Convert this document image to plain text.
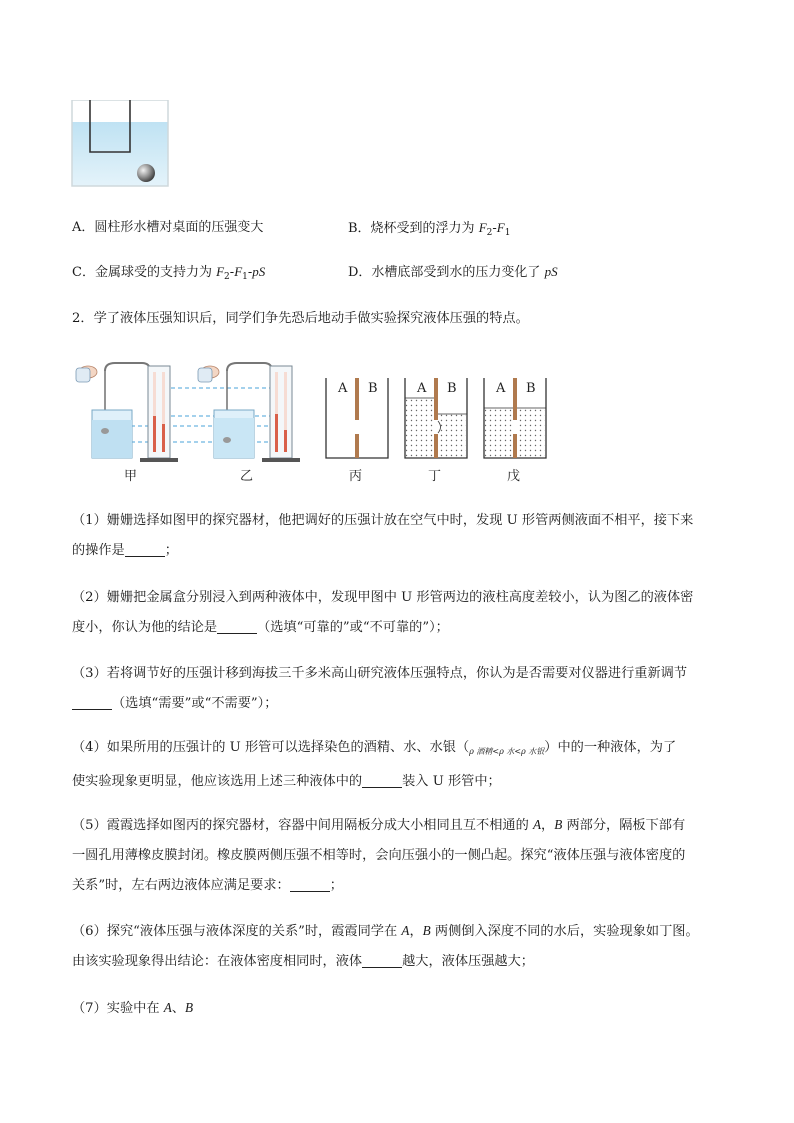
A．圆柱形水槽对桌面的压强变大	B．烧杯受到的浮力为 $F_2-F_1$
C．金属球受的支持力为 $F_2-F_1-pS$	D．水槽底部受到水的压力变化了 pS
2．学了液体压强知识后，同学们争先恐后地动手做实验探究液体压强的特点。
甲	乙
A B
丙
A B
丁
A B
戊
（1）姗姗选择如图甲的探究器材，他把调好的压强计放在空气中时，发现 U 形管两侧液面不相平，接下来
的操作是	；
（2）姗姗把金属盒分别浸入到两种液体中，发现甲图中 U 形管两边的液柱高度差较小，认为图乙的液体密
度小，你认为他的结论是	（选填“可靠的”或“不可靠的”）；
（3）若将调节好的压强计移到海拔三千多米高山研究液体压强特点，你认为是否需要对仪器进行重新调节
（选填“需要”或“不需要”）；
（4）如果所用的压强计的 U 形管可以选择染色的酒精、水、水银$(_{\rho 酒精<\rho 水<\rho 水银})$中的一种液体，为了
使实验现象更明显，他应该选用上述三种液体中的	装入 U 形管中；
（5）霞霞选择如图丙的探究器材，容器中间用隔板分成大小相同且互不相通的 A，B 两部分，隔板下部有
一圆孔用薄橡皮膜封闭。橡皮膜两侧压强不相等时，会向压强小的一侧凸起。探究“液体压强与液体密度的
关系”时，左右两边液体应满足要求：	；
（6）探究“液体压强与液体深度的关系”时，霞霞同学在 A，B 两侧倒入深度不同的水后，实验现象如丁图。
由该实验现象得出结论：在液体密度相同时，液体	越大，液体压强越大；
（7）实验中在 A、B
